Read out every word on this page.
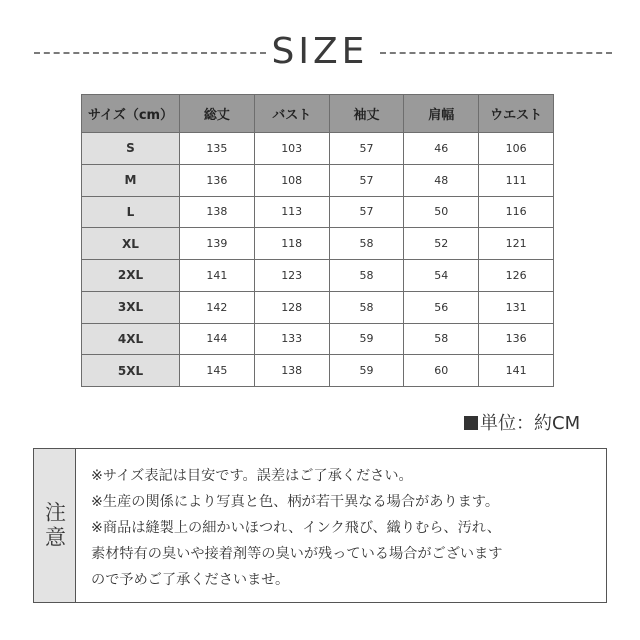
SIZE
サイズ（cm）	総丈	バスト	袖丈	肩幅	ウエスト
S	135	103	57	46	106
M	136	108	57	48	111
L	138	113	57	50	116
XL	139	118	58	52	121
2XL	141	123	58	54	126
3XL	142	128	58	56	131
4XL	144	133	59	58	136
5XL	145	138	59	60	141
単位：約CM
注意
※サイズ表記は目安です。誤差はご了承ください。
※生産の関係により写真と色、柄が若干異なる場合があります。
※商品は縫製上の細かいほつれ、インク飛び、織りむら、汚れ、
素材特有の臭いや接着剤等の臭いが残っている場合がございます
ので予めご了承くださいませ。
